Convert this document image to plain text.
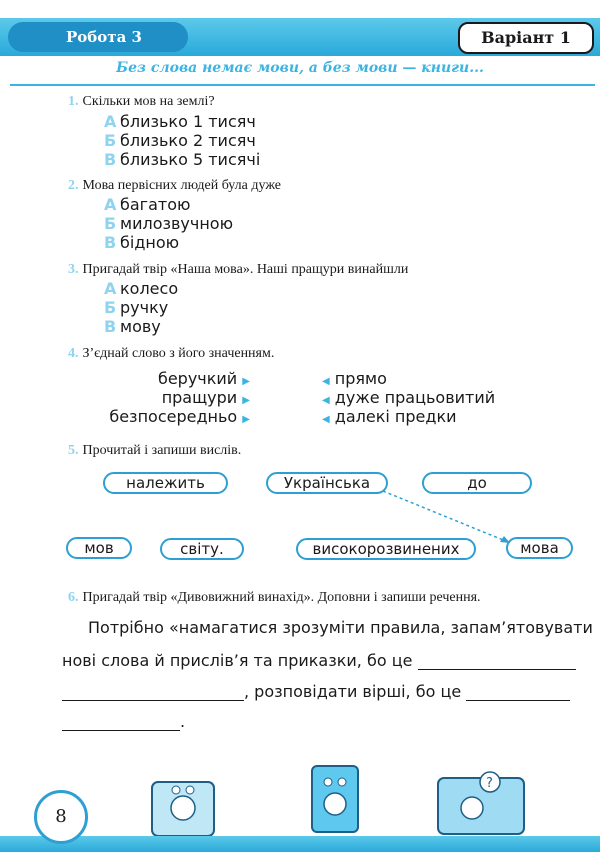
Робота 3	Варіант 1
Без слова немає мови, а без мови — книги...
1. Скільки мов на землі?
А близько 1 тисяч
Б близько 2 тисяч
В близько 5 тисячі
2. Мова первісних людей була дуже
А багатою
Б милозвучною
В бідною
3. Пригадай твір «Наша мова». Наші пращури винайшли
А колесо
Б ручку
В мову
4. З’єднай слово з його значенням.
беручкий ▶
пращури ▶
безпосередньо ▶
◀ прямо
◀ дуже працьовитий
◀ далекі предки
5. Прочитай і запиши вислів.
належить	Українська	до
мов	світу.	високорозвинених	мова
6. Пригадай твір «Дивовижний винахід». Доповни і запиши речення.
Потрібно «намагатися зрозуміти правила, запам’ятовувати
нові слова й прислів’я та приказки, бо це
, розповідати вірші, бо це
.
?
8
